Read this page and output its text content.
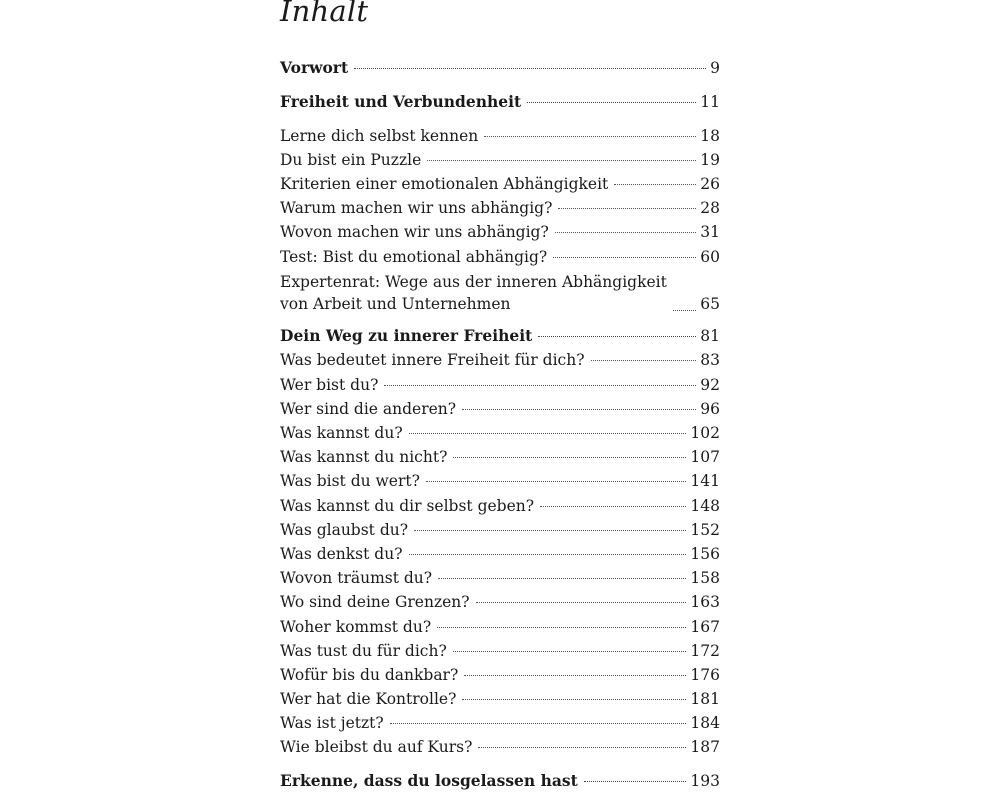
Inhalt
Vorwort	9
Freiheit und Verbundenheit	11
Lerne dich selbst kennen	18
Du bist ein Puzzle	19
Kriterien einer emotionalen Abhängigkeit	26
Warum machen wir uns abhängig?	28
Wovon machen wir uns abhängig?	31
Test: Bist du emotional abhängig?	60
Expertenrat: Wege aus der inneren Abhängigkeit
von Arbeit und Unternehmen	65
Dein Weg zu innerer Freiheit	81
Was bedeutet innere Freiheit für dich?	83
Wer bist du?	92
Wer sind die anderen?	96
Was kannst du?	102
Was kannst du nicht?	107
Was bist du wert?	141
Was kannst du dir selbst geben?	148
Was glaubst du?	152
Was denkst du?	156
Wovon träumst du?	158
Wo sind deine Grenzen?	163
Woher kommst du?	167
Was tust du für dich?	172
Wofür bis du dankbar?	176
Wer hat die Kontrolle?	181
Was ist jetzt?	184
Wie bleibst du auf Kurs?	187
Erkenne, dass du losgelassen hast	193
